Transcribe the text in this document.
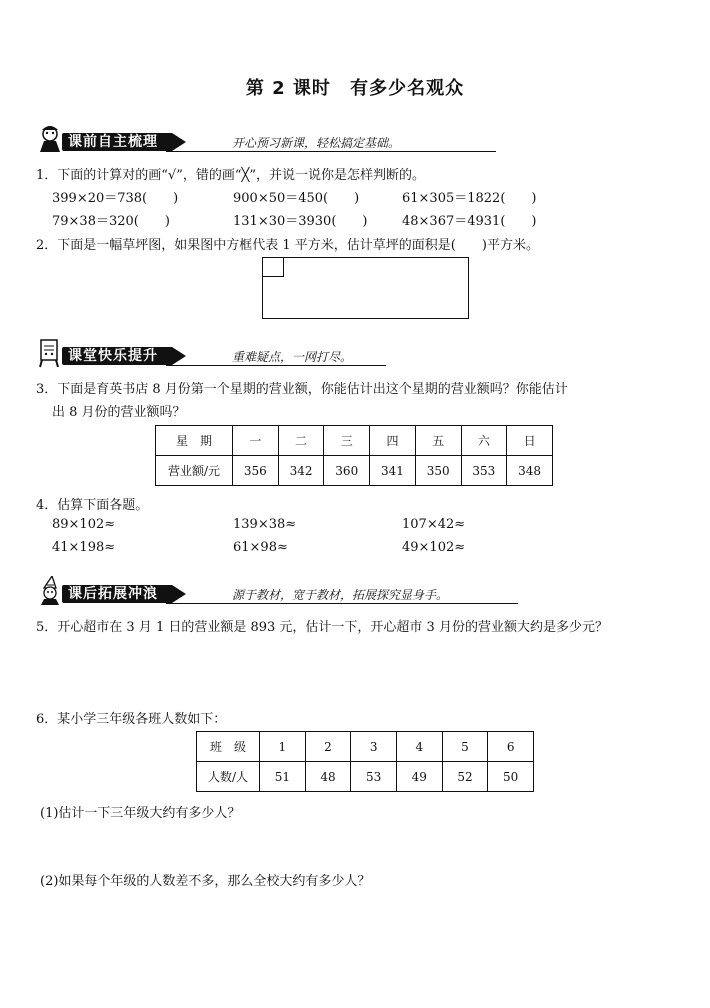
第 2 课时 有多少名观众
课前自主梳理	开心预习新课，轻松搞定基础。
1．下面的计算对的画“√”，错的画“╳”，并说一说你是怎样判断的。
399×20＝738(　　)	900×50＝450(　　)	61×305＝1822(　　)
79×38＝320(　　)	131×30＝3930(　　)	48×367＝4931(　　)
2．下面是一幅草坪图，如果图中方框代表 1 平方米，估计草坪的面积是(　　)平方米。
课堂快乐提升	重难疑点，一网打尽。
3．下面是育英书店 8 月份第一个星期的营业额，你能估计出这个星期的营业额吗？你能估计
出 8 月份的营业额吗？
星　期	一	二	三	四	五	六	日
营业额/元	356	342	360	341	350	353	348
4．估算下面各题。
89×102≈	139×38≈	107×42≈
41×198≈	61×98≈	49×102≈
课后拓展冲浪	源于教材，宽于教材，拓展探究显身手。
5．开心超市在 3 月 1 日的营业额是 893 元，估计一下，开心超市 3 月份的营业额大约是多少元？
6．某小学三年级各班人数如下：
班　级	1	2	3	4	5	6
人数/人	51	48	53	49	52	50
(1)估计一下三年级大约有多少人？
(2)如果每个年级的人数差不多，那么全校大约有多少人？
